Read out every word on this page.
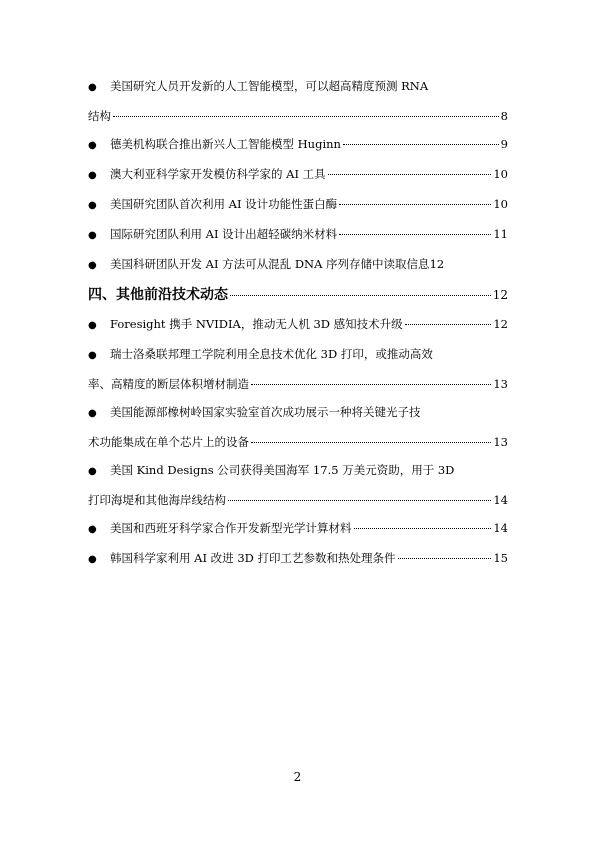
●	美国研究人员开发新的人工智能模型，可以超高精度预测 RNA
结构	8
●	德美机构联合推出新兴人工智能模型 Huginn	9
●	澳大利亚科学家开发模仿科学家的 AI 工具	10
●	美国研究团队首次利用 AI 设计功能性蛋白酶	10
●	国际研究团队利用 AI 设计出超轻碳纳米材料	11
●	美国科研团队开发 AI 方法可从混乱 DNA 序列存储中读取信息 12
四、其他前沿技术动态	12
●	Foresight 携手 NVIDIA，推动无人机 3D 感知技术升级	12
●	瑞士洛桑联邦理工学院利用全息技术优化 3D 打印，或推动高效
率、高精度的断层体积增材制造	13
●	美国能源部橡树岭国家实验室首次成功展示一种将关键光子技
术功能集成在单个芯片上的设备	13
●	美国 Kind Designs 公司获得美国海军 17.5 万美元资助，用于 3D
打印海堤和其他海岸线结构	14
●	美国和西班牙科学家合作开发新型光学计算材料	14
●	韩国科学家利用 AI 改进 3D 打印工艺参数和热处理条件	15
2
